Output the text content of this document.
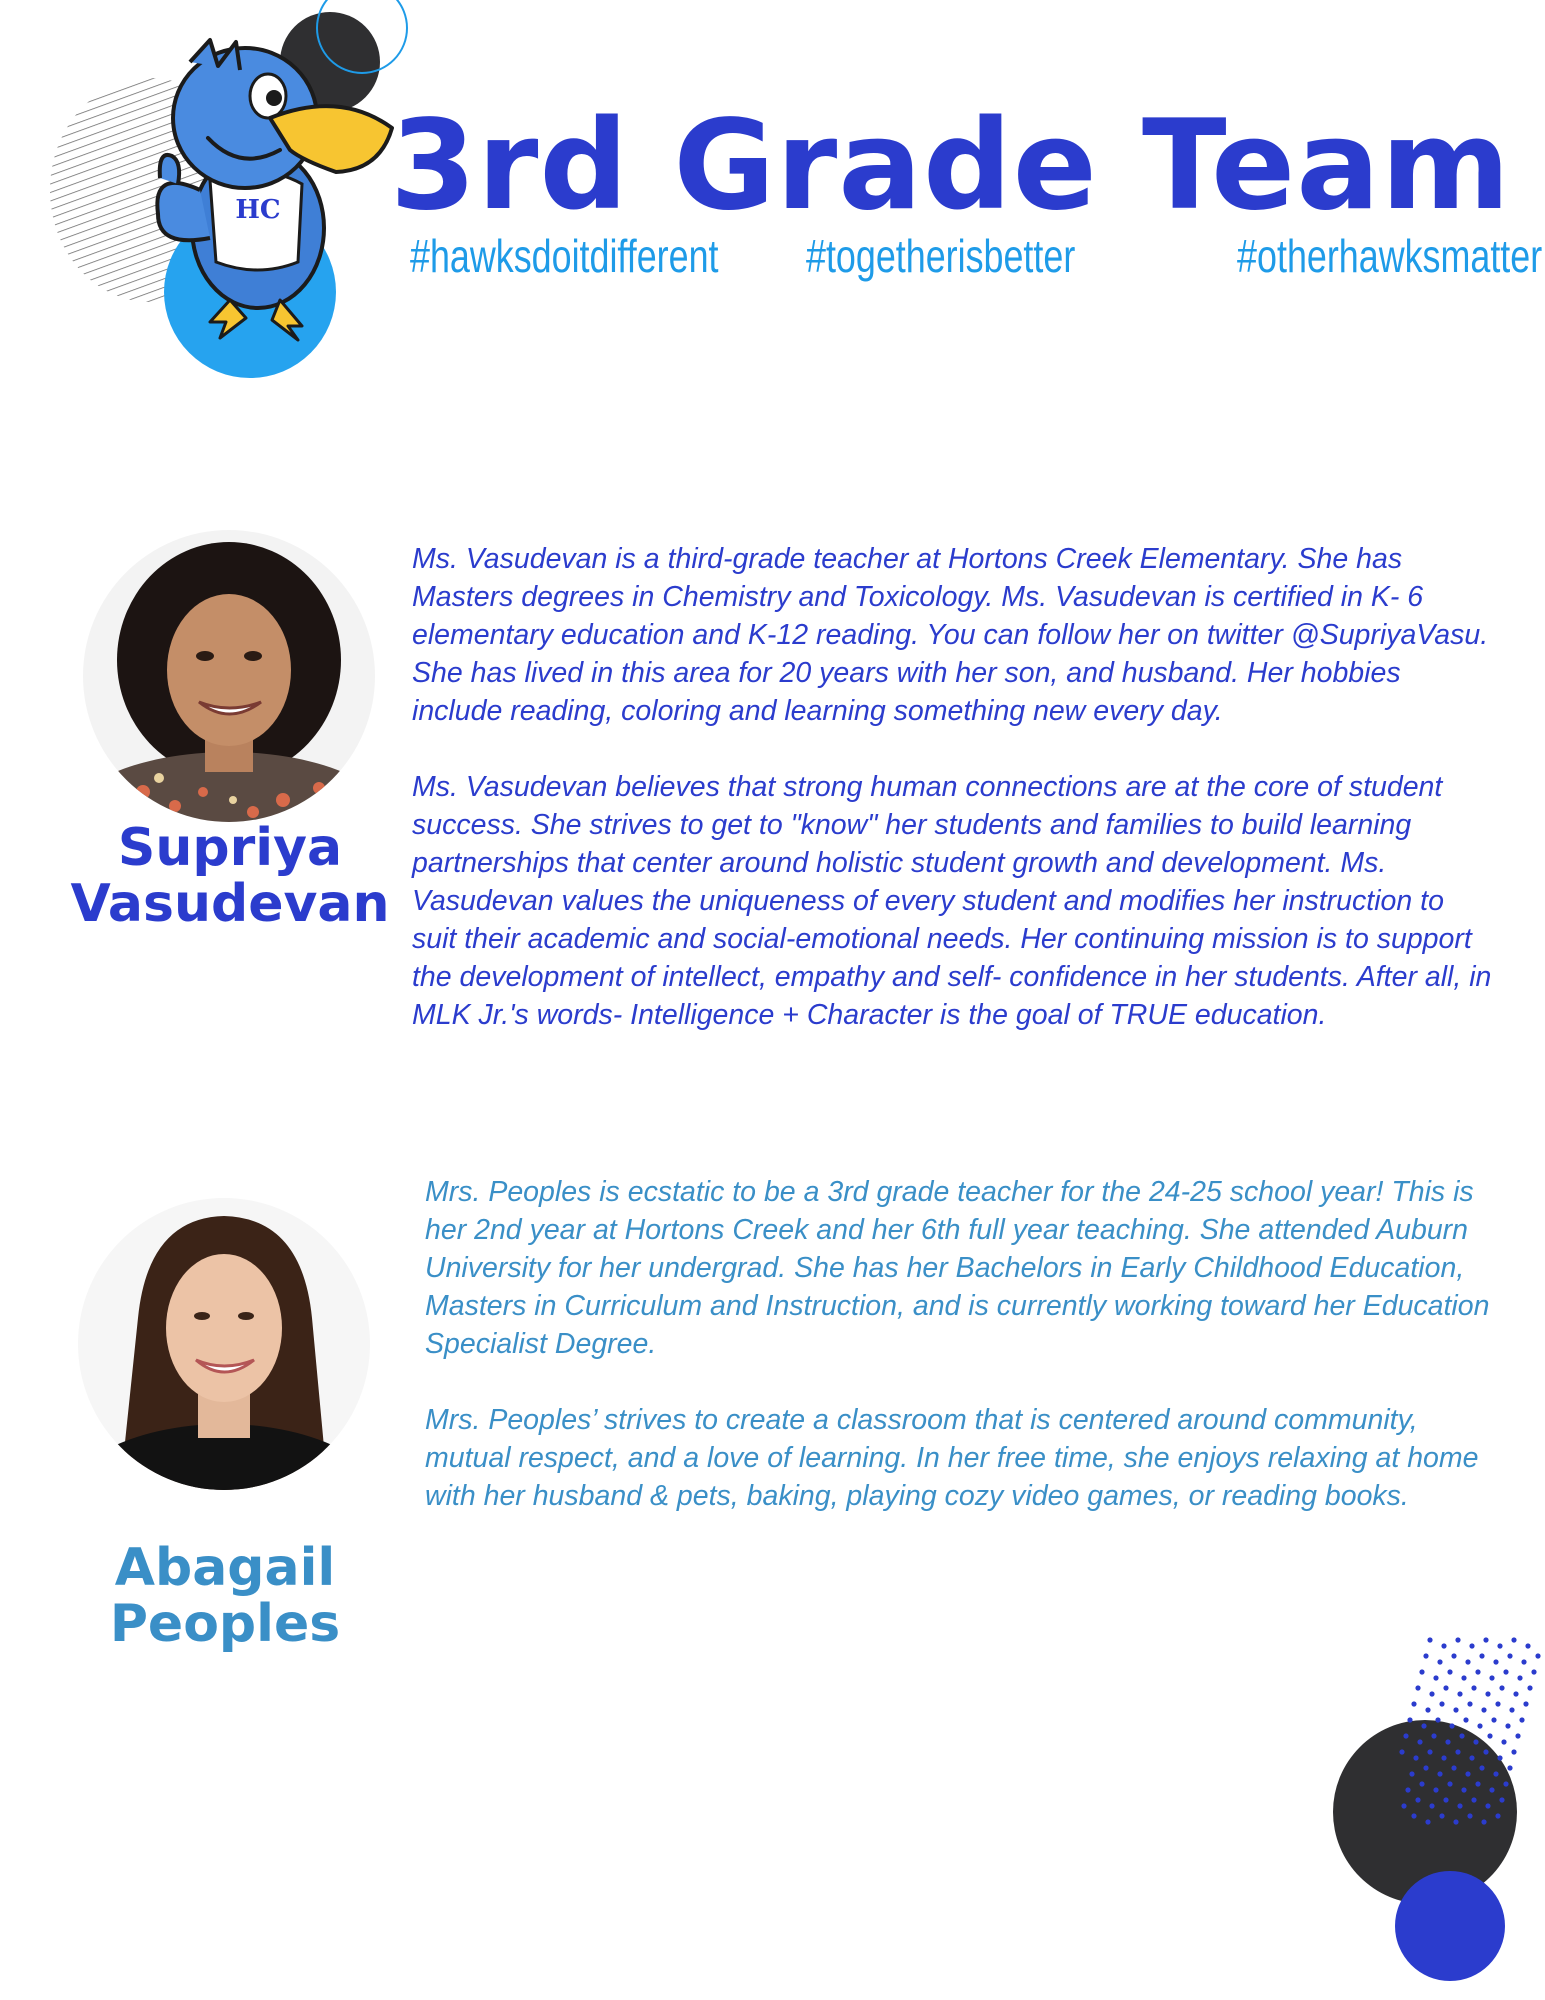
HC 3rd Grade Team
#hawksdoitdifferent #togetherisbetter	#otherhawksmatter
Supriya
Vasudevan

Ms. Vasudevan is a third-grade teacher at Hortons Creek Elementary. She has Masters degrees in Chemistry and Toxicology. Ms. Vasudevan is certified in K- 6 elementary education and K-12 reading. You can follow her on twitter @SupriyaVasu. She has lived in this area for 20 years with her son, and husband. Her hobbies include reading, coloring and learning something new every day.

Ms. Vasudevan believes that strong human connections are at the core of student success. She strives to get to "know" her students and families to build learning partnerships that center around holistic student growth and development. Ms. Vasudevan values the uniqueness of every student and modifies her instruction to suit their academic and social-emotional needs. Her continuing mission is to support the development of intellect, empathy and self- confidence in her students. After all, in MLK Jr.'s words- Intelligence + Character is the goal of TRUE education.

Abagail
Peoples

Mrs. Peoples is ecstatic to be a 3rd grade teacher for the 24-25 school year! This is her 2nd year at Hortons Creek and her 6th full year teaching. She attended Auburn University for her undergrad. She has her Bachelors in Early Childhood Education, Masters in Curriculum and Instruction, and is currently working toward her Education Specialist Degree.

Mrs. Peoples’ strives to create a classroom that is centered around community, mutual respect, and a love of learning. In her free time, she enjoys relaxing at home with her husband & pets, baking, playing cozy video games, or reading books.
